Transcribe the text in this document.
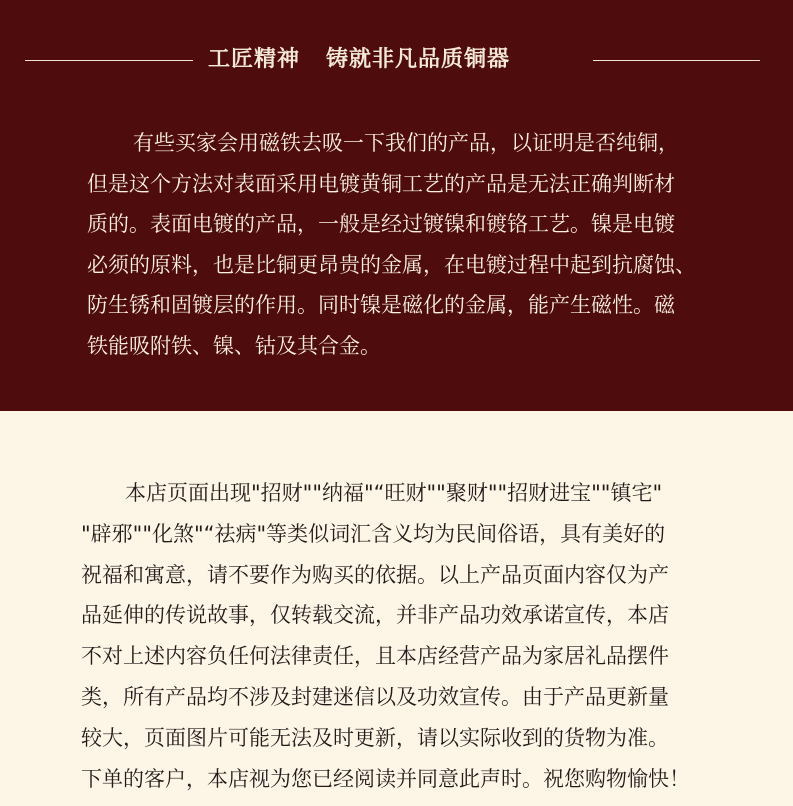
工匠精神 铸就非凡品质铜器
有些买家会用磁铁去吸一下我们的产品，以证明是否纯铜，
但是这个方法对表面采用电镀黄铜工艺的产品是无法正确判断材
质的。表面电镀的产品，一般是经过镀镍和镀铬工艺。镍是电镀
必须的原料，也是比铜更昂贵的金属，在电镀过程中起到抗腐蚀、
防生锈和固镀层的作用。同时镍是磁化的金属，能产生磁性。磁
铁能吸附铁、镍、钴及其合金。
本店页面出现"招财""纳福"“旺财""聚财""招财进宝""镇宅"
"辟邪""化煞"“祛病"等类似词汇含义均为民间俗语，具有美好的
祝福和寓意，请不要作为购买的依据。以上产品页面内容仅为产
品延伸的传说故事，仅转载交流，并非产品功效承诺宣传，本店
不对上述内容负任何法律责任，且本店经营产品为家居礼品摆件
类，所有产品均不涉及封建迷信以及功效宣传。由于产品更新量
较大，页面图片可能无法及时更新，请以实际收到的货物为准。
下单的客户，本店视为您已经阅读并同意此声时。祝您购物愉快！
